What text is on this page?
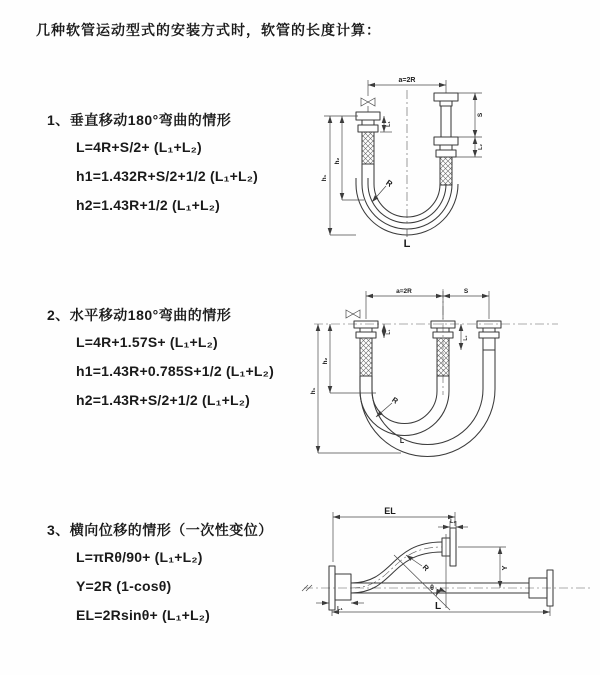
几种软管运动型式的安装方式时，软管的长度计算：
1、垂直移动180°弯曲的情形
L=4R+S/2+ (L₁+L₂)
h1=1.432R+S/2+1/2 (L₁+L₂)
h2=1.43R+1/2 (L₁+L₂)
2、水平移动180°弯曲的情形
L=4R+1.57S+ (L₁+L₂)
h1=1.43R+0.785S+1/2 (L₁+L₂)
h2=1.43R+S/2+1/2 (L₁+L₂)
3、横向位移的情形（一次性变位）
L=πRθ/90+ (L₁+L₂)
Y=2R (1-cosθ)
EL=2Rsinθ+ (L₁+L₂)
a=2R
h₁
h₂
L₁
S
L₂
R
L
a=2R	S
h₁
h₂
L₁
L₂
R
L
EL
L₂
Y
L
L₁
θ
R
